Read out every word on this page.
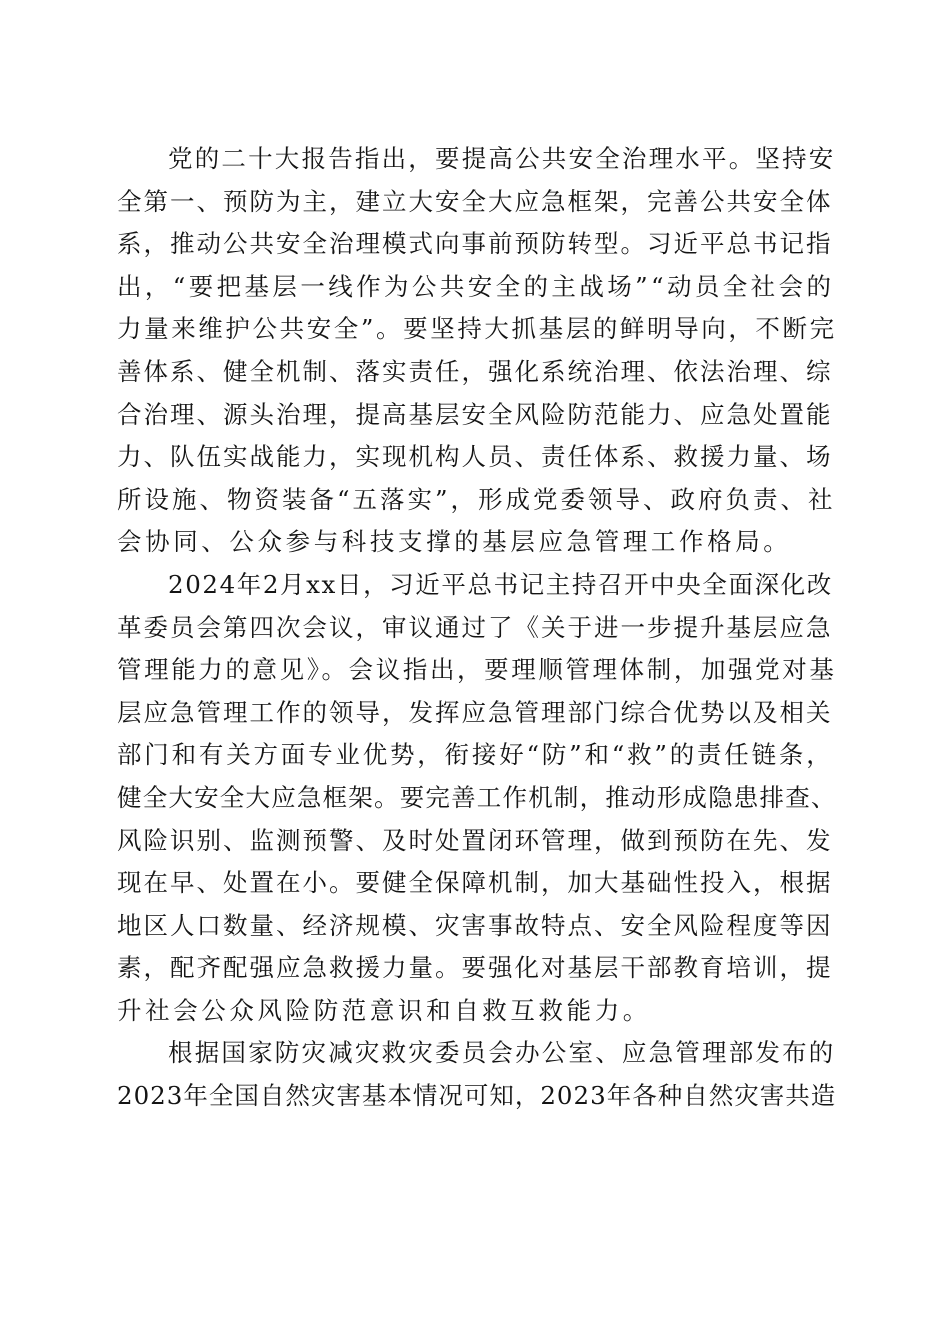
党的二十大报告指出，要提高公共安全治理水平。坚持安
全第一、预防为主，建立大安全大应急框架，完善公共安全体
系，推动公共安全治理模式向事前预防转型。习近平总书记指
出，“要把基层一线作为公共安全的主战场”“动员全社会的
力量来维护公共安全”。要坚持大抓基层的鲜明导向，不断完
善体系、健全机制、落实责任，强化系统治理、依法治理、综
合治理、源头治理，提高基层安全风险防范能力、应急处置能
力、队伍实战能力，实现机构人员、责任体系、救援力量、场
所设施、物资装备“五落实”，形成党委领导、政府负责、社
会协同、公众参与科技支撑的基层应急管理工作格局。
2024年2月xx日，习近平总书记主持召开中央全面深化改
革委员会第四次会议，审议通过了《关于进一步提升基层应急
管理能力的意见》。会议指出，要理顺管理体制，加强党对基
层应急管理工作的领导，发挥应急管理部门综合优势以及相关
部门和有关方面专业优势，衔接好“防”和“救”的责任链条，
健全大安全大应急框架。要完善工作机制，推动形成隐患排查、
风险识别、监测预警、及时处置闭环管理，做到预防在先、发
现在早、处置在小。要健全保障机制，加大基础性投入，根据
地区人口数量、经济规模、灾害事故特点、安全风险程度等因
素，配齐配强应急救援力量。要强化对基层干部教育培训，提
升社会公众风险防范意识和自救互救能力。
根据国家防灾减灾救灾委员会办公室、应急管理部发布的
2023年全国自然灾害基本情况可知，2023年各种自然灾害共造
